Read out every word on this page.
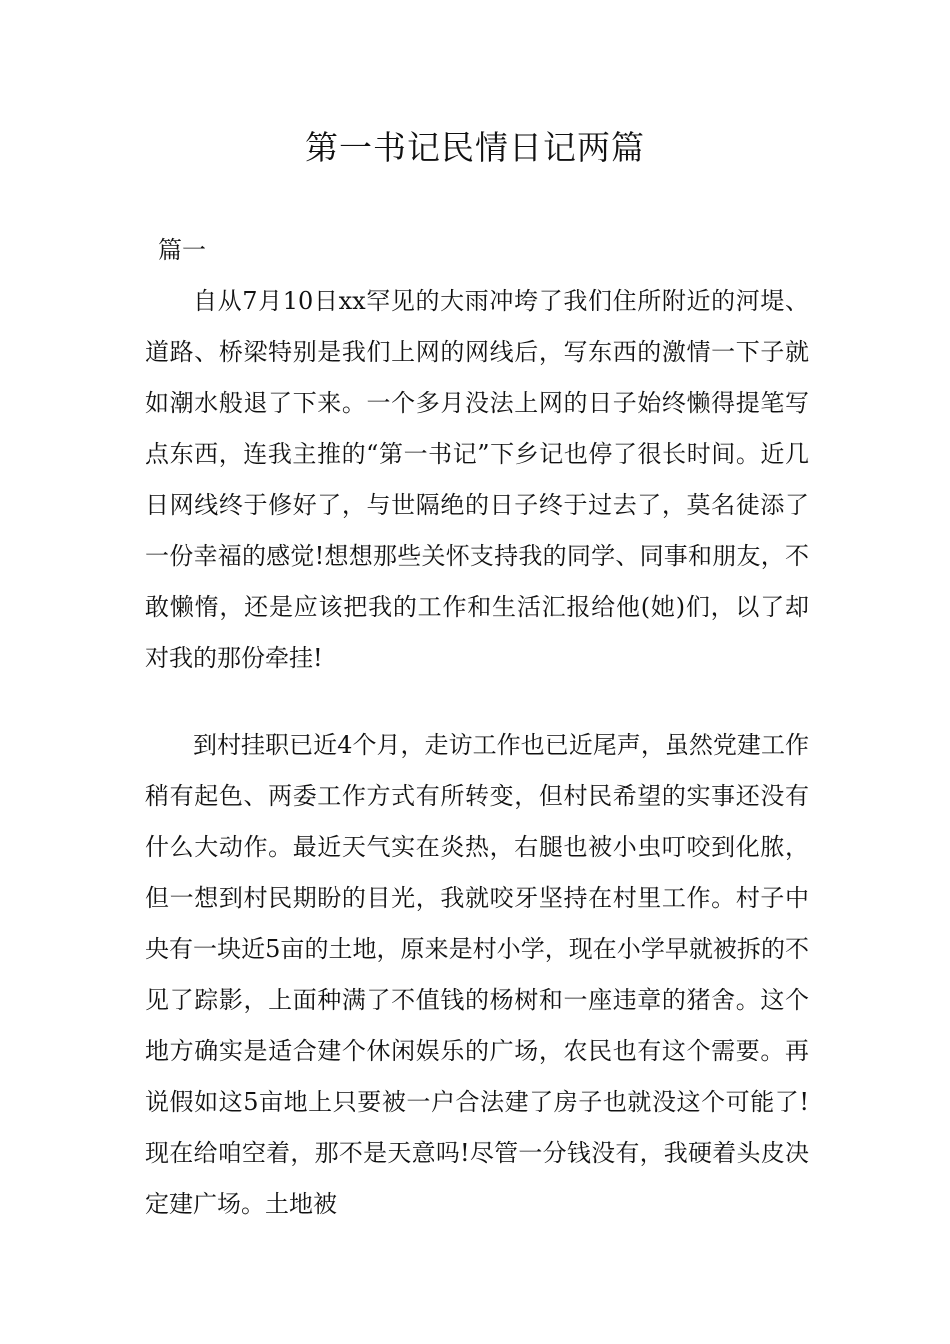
第一书记民情日记两篇
篇一

自从7月10日xx罕见的大雨冲垮了我们住所附近的河堤、道路、桥梁特别是我们上网的网线后，写东西的激情一下子就如潮水般退了下来。一个多月没法上网的日子始终懒得提笔写点东西，连我主推的“第一书记”下乡记也停了很长时间。近几日网线终于修好了，与世隔绝的日子终于过去了，莫名徒添了一份幸福的感觉!想想那些关怀支持我的同学、同事和朋友，不敢懒惰，还是应该把我的工作和生活汇报给他(她)们，以了却对我的那份牵挂!

到村挂职已近4个月，走访工作也已近尾声，虽然党建工作稍有起色、两委工作方式有所转变，但村民希望的实事还没有什么大动作。最近天气实在炎热，右腿也被小虫叮咬到化脓，但一想到村民期盼的目光，我就咬牙坚持在村里工作。村子中央有一块近5亩的土地，原来是村小学，现在小学早就被拆的不见了踪影，上面种满了不值钱的杨树和一座违章的猪舍。这个地方确实是适合建个休闲娱乐的广场，农民也有这个需要。再说假如这5亩地上只要被一户合法建了房子也就没这个可能了!现在给咱空着，那不是天意吗!尽管一分钱没有，我硬着头皮决定建广场。土地被
